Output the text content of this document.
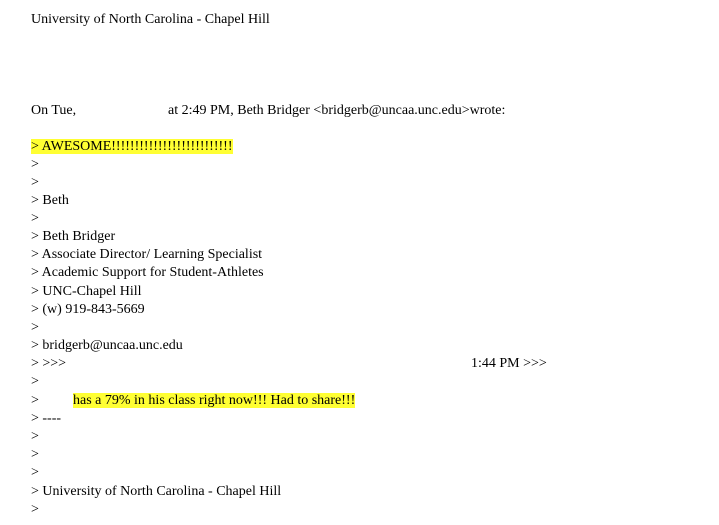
University of North Carolina - Chapel Hill
On Tue,	at 2:49 PM, Beth Bridger <bridgerb@uncaa.unc.edu>wrote:
> AWESOME!!!!!!!!!!!!!!!!!!!!!!!!!!
>
>
> Beth
>
> Beth Bridger
> Associate Director/ Learning Specialist
> Academic Support for Student-Athletes
> UNC-Chapel Hill
> (w) 919-843-5669
>
> bridgerb@uncaa.unc.edu
> >>>	1:44 PM >>>
>
> has a 79% in his class right now!!! Had to share!!!
> ----
>
>
>
> University of North Carolina - Chapel Hill
>
